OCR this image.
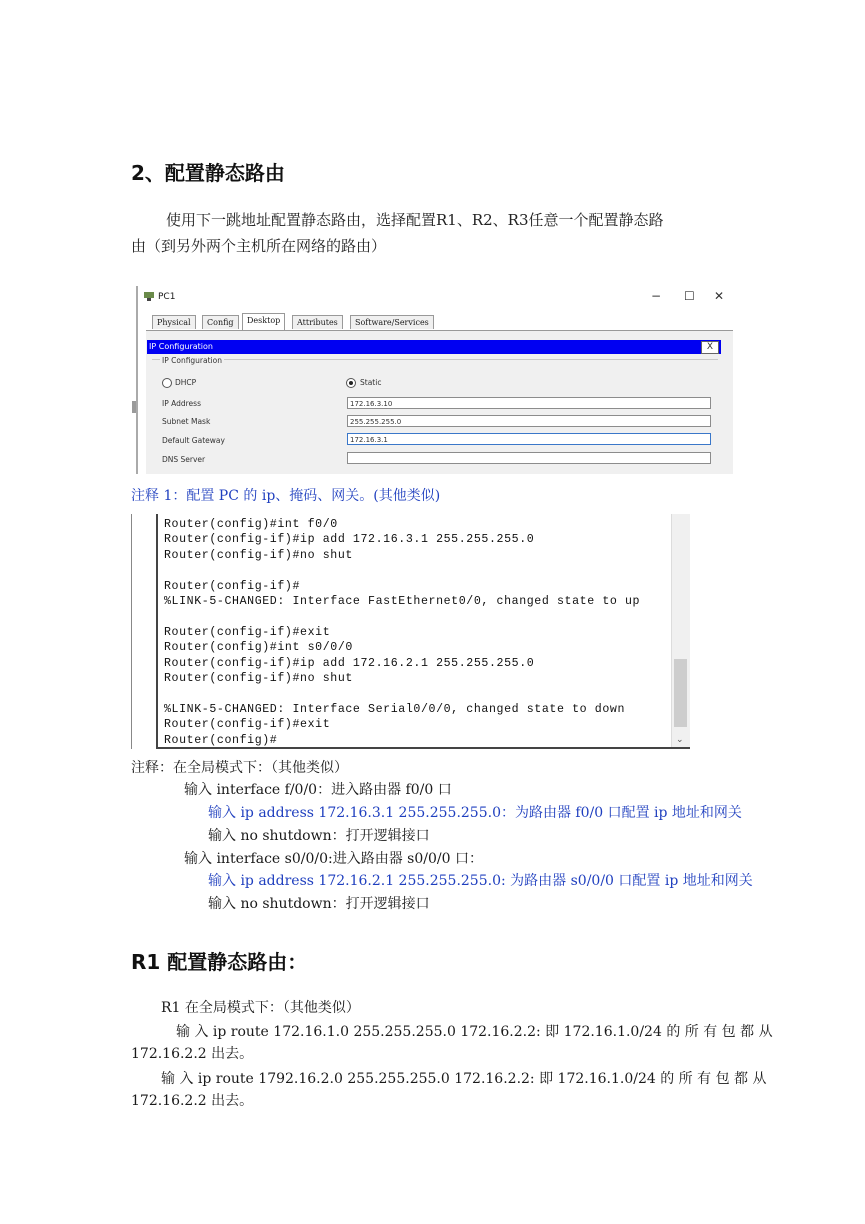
2、配置静态路由
使用下一跳地址配置静态路由，选择配置R1、R2、R3任意一个配置静态路
由（到另外两个主机所在网络的路由）
PC1	− ☐ ✕
Physical	Config	Desktop	Attributes	Software/Services
IP Configuration	X
IP Configuration
DHCP	Static
IP Address	172.16.3.10
Subnet Mask	255.255.255.0
Default Gateway	172.16.3.1
DNS Server
注释 1：配置 PC 的 ip、掩码、网关。(其他类似)
Router(config)#int f0/0
Router(config-if)#ip add 172.16.3.1 255.255.255.0
Router(config-if)#no shut
Router(config-if)#
%LINK-5-CHANGED: Interface FastEthernet0/0, changed state to up
Router(config-if)#exit
Router(config)#int s0/0/0
Router(config-if)#ip add 172.16.2.1 255.255.255.0
Router(config-if)#no shut
%LINK-5-CHANGED: Interface Serial0/0/0, changed state to down
Router(config-if)#exit
Router(config)#	⌄
注释：在全局模式下：（其他类似）
输入 interface f/0/0：进入路由器 f0/0 口
输入 ip address 172.16.3.1 255.255.255.0：为路由器 f0/0 口配置 ip 地址和网关
输入 no shutdown：打开逻辑接口
输入 interface s0/0/0:进入路由器 s0/0/0 口：
输入 ip address 172.16.2.1 255.255.255.0: 为路由器 s0/0/0 口配置 ip 地址和网关
输入 no shutdown：打开逻辑接口
R1 配置静态路由：
R1 在全局模式下：（其他类似）
输 入 ip route 172.16.1.0 255.255.255.0 172.16.2.2: 即 172.16.1.0/24 的 所 有 包 都 从
172.16.2.2 出去。
输 入 ip route 1792.16.2.0 255.255.255.0 172.16.2.2: 即 172.16.1.0/24 的 所 有 包 都 从
172.16.2.2 出去。
